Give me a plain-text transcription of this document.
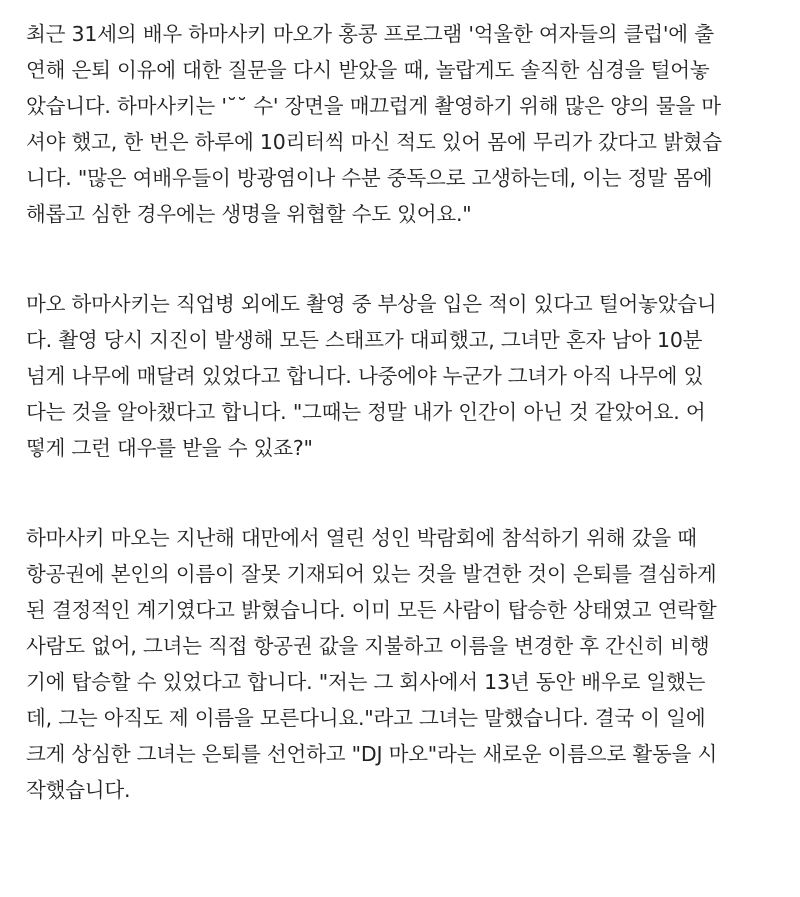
최근 31세의 배우 하마사키 마오가 홍콩 프로그램 '억울한 여자들의 클럽'에 출
연해 은퇴 이유에 대한 질문을 다시 받았을 때, 놀랍게도 솔직한 심경을 털어놓
았습니다. 하마사키는 '˘˘ 수' 장면을 매끄럽게 촬영하기 위해 많은 양의 물을 마
셔야 했고, 한 번은 하루에 10리터씩 마신 적도 있어 몸에 무리가 갔다고 밝혔습
니다. "많은 여배우들이 방광염이나 수분 중독으로 고생하는데, 이는 정말 몸에
해롭고 심한 경우에는 생명을 위협할 수도 있어요."

마오 하마사키는 직업병 외에도 촬영 중 부상을 입은 적이 있다고 털어놓았습니
다. 촬영 당시 지진이 발생해 모든 스태프가 대피했고, 그녀만 혼자 남아 10분
넘게 나무에 매달려 있었다고 합니다. 나중에야 누군가 그녀가 아직 나무에 있
다는 것을 알아챘다고 합니다. "그때는 정말 내가 인간이 아닌 것 같았어요. 어
떻게 그런 대우를 받을 수 있죠?"

하마사키 마오는 지난해 대만에서 열린 성인 박람회에 참석하기 위해 갔을 때
항공권에 본인의 이름이 잘못 기재되어 있는 것을 발견한 것이 은퇴를 결심하게
된 결정적인 계기였다고 밝혔습니다. 이미 모든 사람이 탑승한 상태였고 연락할
사람도 없어, 그녀는 직접 항공권 값을 지불하고 이름을 변경한 후 간신히 비행
기에 탑승할 수 있었다고 합니다. "저는 그 회사에서 13년 동안 배우로 일했는
데, 그는 아직도 제 이름을 모른다니요."라고 그녀는 말했습니다. 결국 이 일에
크게 상심한 그녀는 은퇴를 선언하고 "DJ 마오"라는 새로운 이름으로 활동을 시
작했습니다.
